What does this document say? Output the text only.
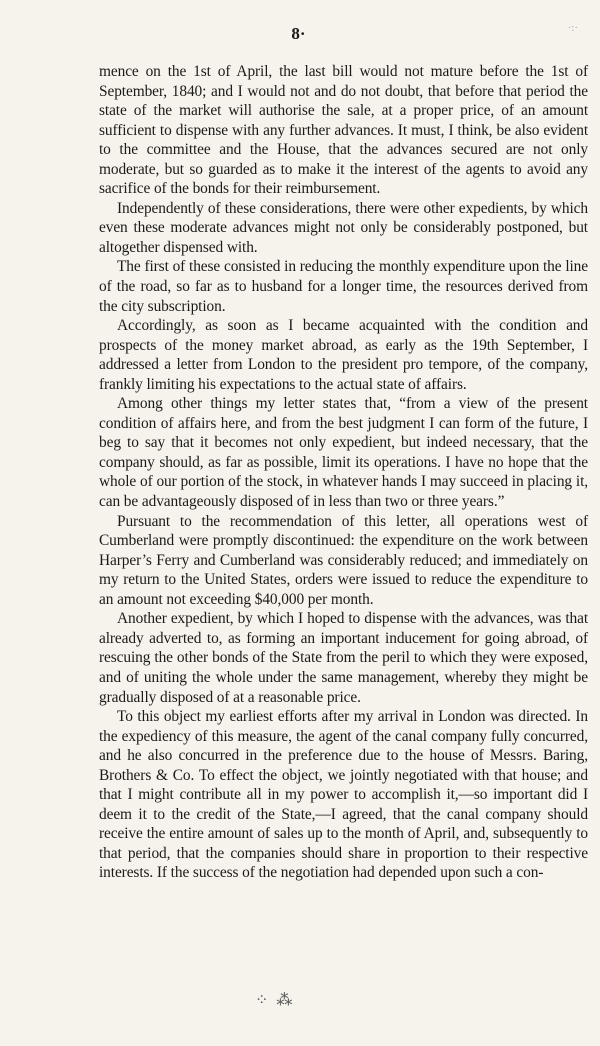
·:·
8·

mence on the 1st of April, the last bill would not mature before the 1st of September, 1840; and I would not and do not doubt, that before that period the state of the market will authorise the sale, at a proper price, of an amount sufficient to dispense with any further advances. It must, I think, be also evident to the committee and the House, that the advances secured are not only moderate, but so guarded as to make it the interest of the agents to avoid any sacrifice of the bonds for their reimbursement.

Independently of these considerations, there were other expedients, by which even these moderate advances might not only be considerably postponed, but altogether dispensed with.

The first of these consisted in reducing the monthly expenditure upon the line of the road, so far as to husband for a longer time, the resources derived from the city subscription.

Accordingly, as soon as I became acquainted with the condition and prospects of the money market abroad, as early as the 19th September, I addressed a letter from London to the president pro tempore, of the company, frankly limiting his expectations to the actual state of affairs.

Among other things my letter states that, “from a view of the present condition of affairs here, and from the best judgment I can form of the future, I beg to say that it becomes not only expedient, but indeed necessary, that the company should, as far as possible, limit its operations. I have no hope that the whole of our portion of the stock, in whatever hands I may succeed in placing it, can be advantageously disposed of in less than two or three years.”

Pursuant to the recommendation of this letter, all operations west of Cumberland were promptly discontinued: the expenditure on the work between Harper’s Ferry and Cumberland was considerably reduced; and immediately on my return to the United States, orders were issued to reduce the expenditure to an amount not exceeding $40,000 per month.

Another expedient, by which I hoped to dispense with the advances, was that already adverted to, as forming an important inducement for going abroad, of rescuing the other bonds of the State from the peril to which they were exposed, and of uniting the whole under the same management, whereby they might be gradually disposed of at a reasonable price.

To this object my earliest efforts after my arrival in London was directed. In the expediency of this measure, the agent of the canal company fully concurred, and he also concurred in the preference due to the house of Messrs. Baring, Brothers & Co. To effect the object, we jointly negotiated with that house; and that I might contribute all in my power to accomplish it,—so important did I deem it to the credit of the State,—I agreed, that the canal company should receive the entire amount of sales up to the month of April, and, subsequently to that period, that the companies should share in proportion to their respective interests. If the success of the negotiation had depended upon such a con-

⁘ ⁂
